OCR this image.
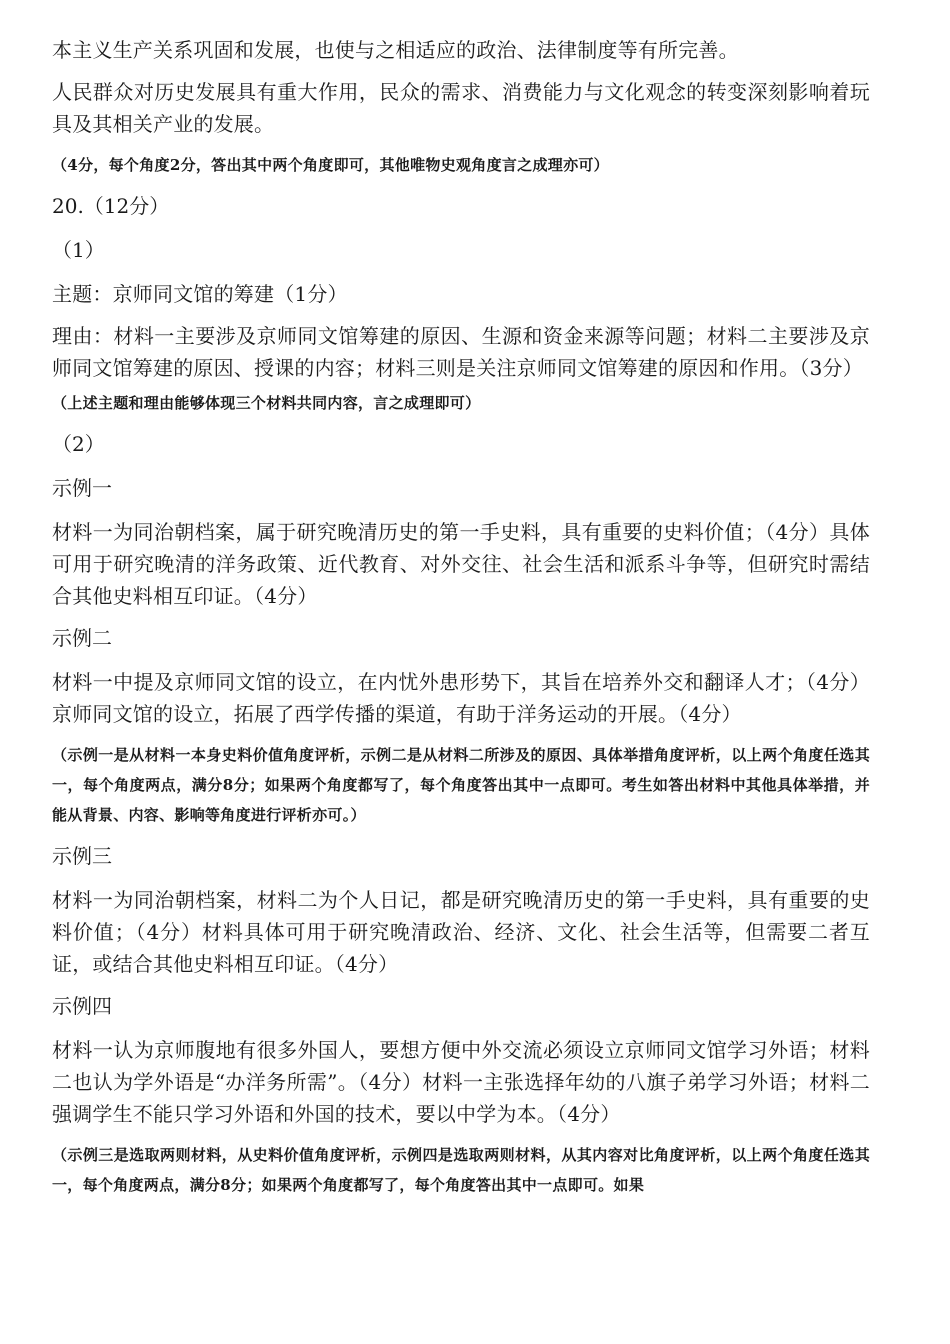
本主义生产关系巩固和发展，也使与之相适应的政治、法律制度等有所完善。

人民群众对历史发展具有重大作用，民众的需求、消费能力与文化观念的转变深刻影响着玩具及其相关产业的发展。

（4分，每个角度2分，答出其中两个角度即可，其他唯物史观角度言之成理亦可）

20.（12分）

（1）

主题：京师同文馆的筹建（1分）

理由：材料一主要涉及京师同文馆筹建的原因、生源和资金来源等问题；材料二主要涉及京师同文馆筹建的原因、授课的内容；材料三则是关注京师同文馆筹建的原因和作用。（3分）

（上述主题和理由能够体现三个材料共同内容，言之成理即可）

（2）

示例一

材料一为同治朝档案，属于研究晚清历史的第一手史料，具有重要的史料价值；（4分）具体可用于研究晚清的洋务政策、近代教育、对外交往、社会生活和派系斗争等，但研究时需结合其他史料相互印证。（4分）

示例二

材料一中提及京师同文馆的设立，在内忧外患形势下，其旨在培养外交和翻译人才；（4分）京师同文馆的设立，拓展了西学传播的渠道，有助于洋务运动的开展。（4分）

（示例一是从材料一本身史料价值角度评析，示例二是从材料二所涉及的原因、具体举措角度评析，以上两个角度任选其一，每个角度两点，满分8分；如果两个角度都写了，每个角度答出其中一点即可。考生如答出材料中其他具体举措，并能从背景、内容、影响等角度进行评析亦可。）

示例三

材料一为同治朝档案，材料二为个人日记，都是研究晚清历史的第一手史料，具有重要的史料价值；（4分）材料具体可用于研究晚清政治、经济、文化、社会生活等，但需要二者互证，或结合其他史料相互印证。（4分）

示例四

材料一认为京师腹地有很多外国人，要想方便中外交流必须设立京师同文馆学习外语；材料二也认为学外语是“办洋务所需”。（4分）材料一主张选择年幼的八旗子弟学习外语；材料二强调学生不能只学习外语和外国的技术，要以中学为本。（4分）

（示例三是选取两则材料，从史料价值角度评析，示例四是选取两则材料，从其内容对比角度评析，以上两个角度任选其一，每个角度两点，满分8分；如果两个角度都写了，每个角度答出其中一点即可。如果
